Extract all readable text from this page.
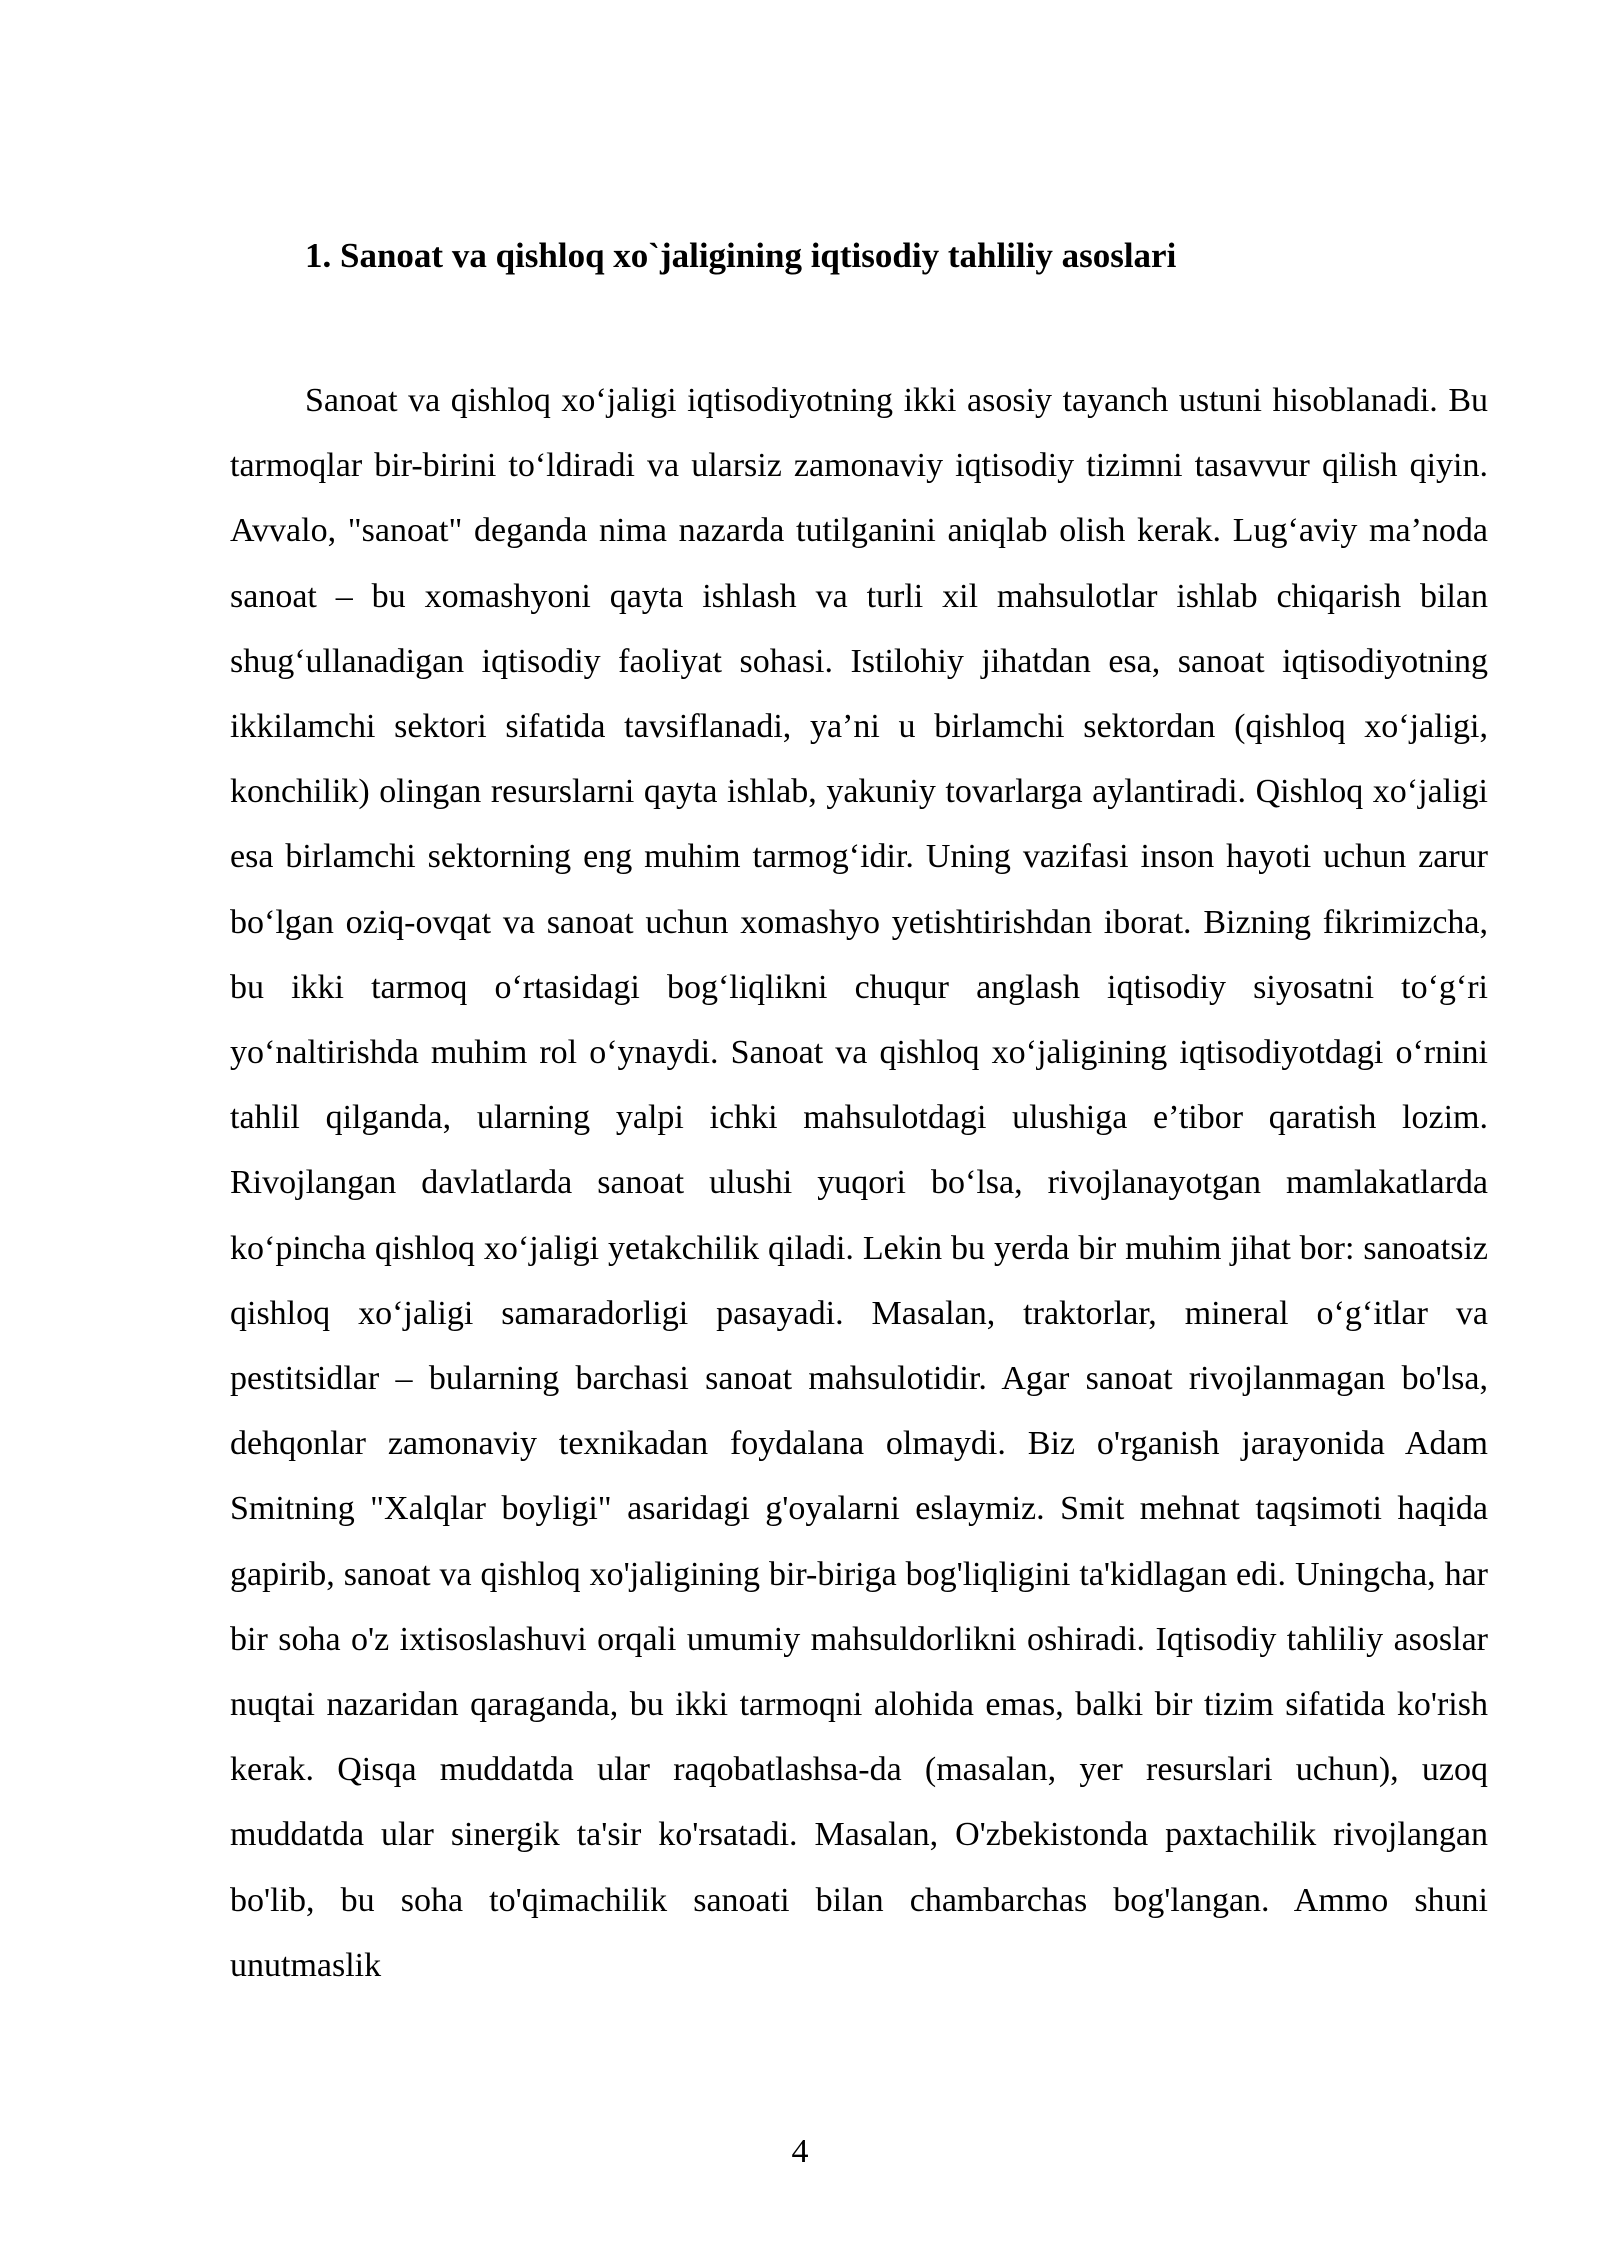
1. Sanoat va qishloq xo`jaligining iqtisodiy tahliliy asoslari

Sanoat va qishloq xo‘jaligi iqtisodiyotning ikki asosiy tayanch ustuni hisoblanadi. Bu tarmoqlar bir-birini to‘ldiradi va ularsiz zamonaviy iqtisodiy tizimni tasavvur qilish qiyin. Avvalo, "sanoat" deganda nima nazarda tutilganini aniqlab olish kerak. Lug‘aviy ma’noda sanoat – bu xomashyoni qayta ishlash va turli xil mahsulotlar ishlab chiqarish bilan shug‘ullanadigan iqtisodiy faoliyat sohasi. Istilohiy jihatdan esa, sanoat iqtisodiyotning ikkilamchi sektori sifatida tavsiflanadi, ya’ni u birlamchi sektordan (qishloq xo‘jaligi, konchilik) olingan resurslarni qayta ishlab, yakuniy tovarlarga aylantiradi. Qishloq xo‘jaligi esa birlamchi sektorning eng muhim tarmog‘idir. Uning vazifasi inson hayoti uchun zarur bo‘lgan oziq-ovqat va sanoat uchun xomashyo yetishtirishdan iborat. Bizning fikrimizcha, bu ikki tarmoq o‘rtasidagi bog‘liqlikni chuqur anglash iqtisodiy siyosatni to‘g‘ri yo‘naltirishda muhim rol o‘ynaydi. Sanoat va qishloq xo‘jaligining iqtisodiyotdagi o‘rnini tahlil qilganda, ularning yalpi ichki mahsulotdagi ulushiga e’tibor qaratish lozim. Rivojlangan davlatlarda sanoat ulushi yuqori bo‘lsa, rivojlanayotgan mamlakatlarda ko‘pincha qishloq xo‘jaligi yetakchilik qiladi. Lekin bu yerda bir muhim jihat bor: sanoatsiz qishloq xo‘jaligi samaradorligi pasayadi. Masalan, traktorlar, mineral o‘g‘itlar va pestitsidlar – bularning barchasi sanoat mahsulotidir. Agar sanoat rivojlanmagan bo'lsa, dehqonlar zamonaviy texnikadan foydalana olmaydi. Biz o'rganish jarayonida Adam Smitning "Xalqlar boyligi" asaridagi g'oyalarni eslaymiz. Smit mehnat taqsimoti haqida gapirib, sanoat va qishloq xo'jaligining bir-biriga bog'liqligini ta'kidlagan edi. Uningcha, har bir soha o'z ixtisoslashuvi orqali umumiy mahsuldorlikni oshiradi. Iqtisodiy tahliliy asoslar nuqtai nazaridan qaraganda, bu ikki tarmoqni alohida emas, balki bir tizim sifatida ko'rish kerak. Qisqa muddatda ular raqobatlashsa-da (masalan, yer resurslari uchun), uzoq muddatda ular sinergik ta'sir ko'rsatadi. Masalan, O'zbekistonda paxtachilik rivojlangan bo'lib, bu soha to'qimachilik sanoati bilan chambarchas bog'langan. Ammo shuni unutmaslik

4
